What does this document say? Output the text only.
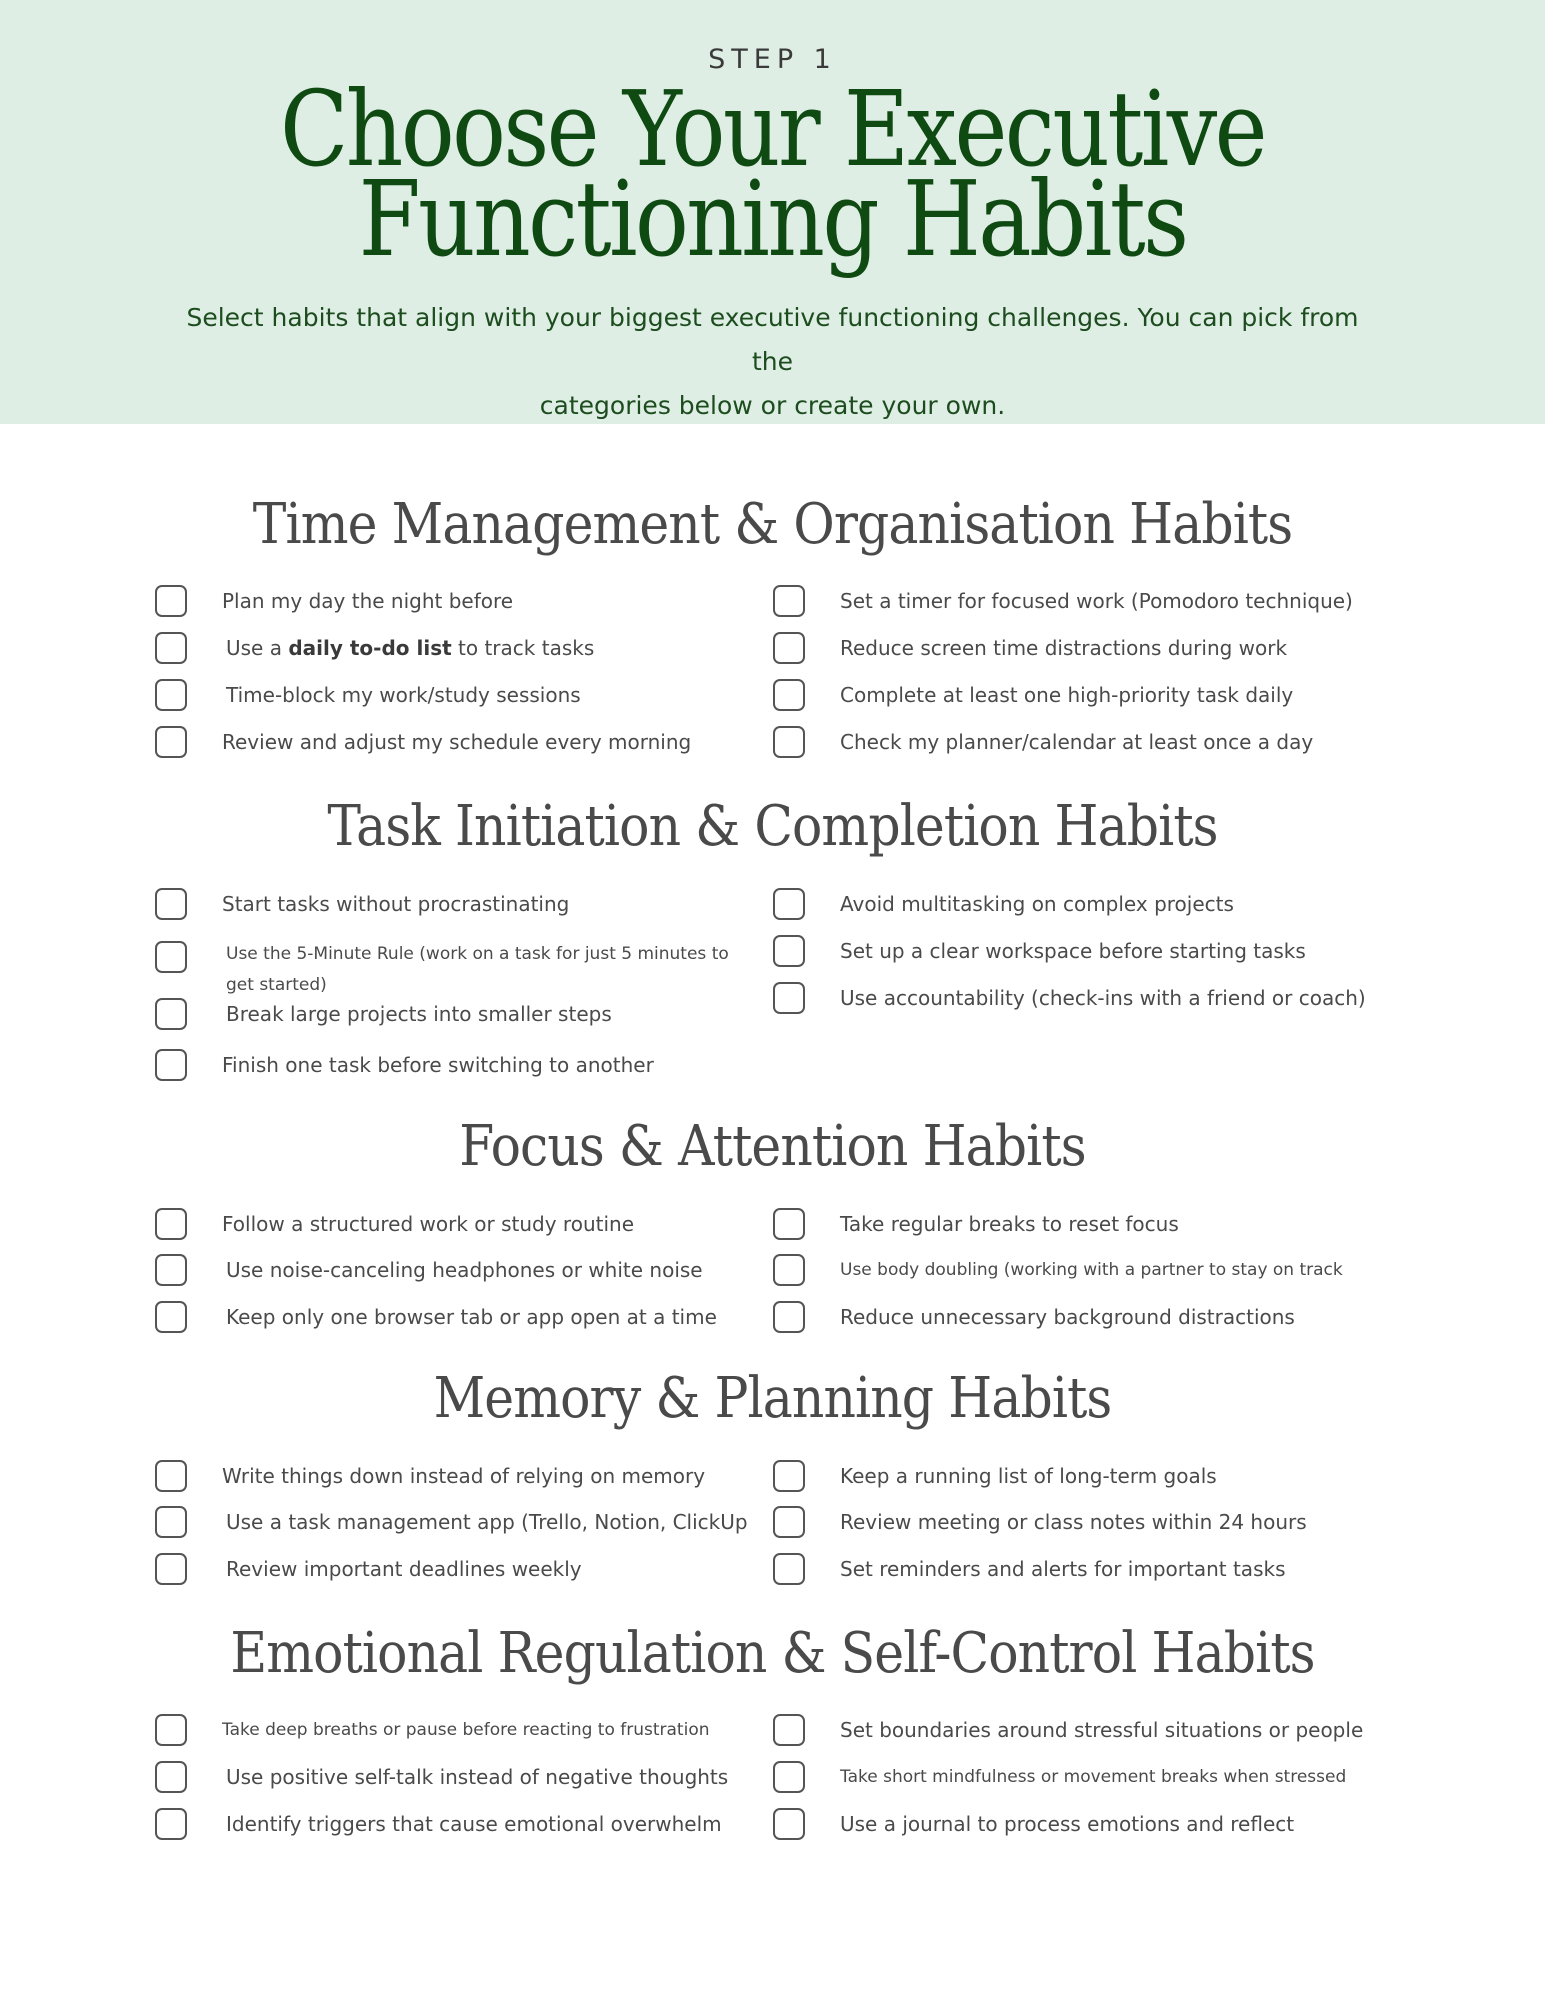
STEP 1
Choose Your Executive
Functioning Habits
Select habits that align with your biggest executive functioning challenges. You can pick from the
categories below or create your own.
Time Management & Organisation Habits
Plan my day the night before
Use a daily to-do list to track tasks
Time-block my work/study sessions
Review and adjust my schedule every morning
Set a timer for focused work (Pomodoro technique)
Reduce screen time distractions during work
Complete at least one high-priority task daily
Check my planner/calendar at least once a day
Task Initiation & Completion Habits
Start tasks without procrastinating
Use the 5-Minute Rule (work on a task for just 5 minutes to get started)
Break large projects into smaller steps
Finish one task before switching to another
Avoid multitasking on complex projects
Set up a clear workspace before starting tasks
Use accountability (check-ins with a friend or coach)
Focus & Attention Habits
Follow a structured work or study routine
Use noise-canceling headphones or white noise
Keep only one browser tab or app open at a time
Take regular breaks to reset focus
Use body doubling (working with a partner to stay on track
Reduce unnecessary background distractions
Memory & Planning Habits
Write things down instead of relying on memory
Use a task management app (Trello, Notion, ClickUp
Review important deadlines weekly
Keep a running list of long-term goals
Review meeting or class notes within 24 hours
Set reminders and alerts for important tasks
Emotional Regulation & Self-Control Habits
Take deep breaths or pause before reacting to frustration
Use positive self-talk instead of negative thoughts
Identify triggers that cause emotional overwhelm
Set boundaries around stressful situations or people
Take short mindfulness or movement breaks when stressed
Use a journal to process emotions and reflect
